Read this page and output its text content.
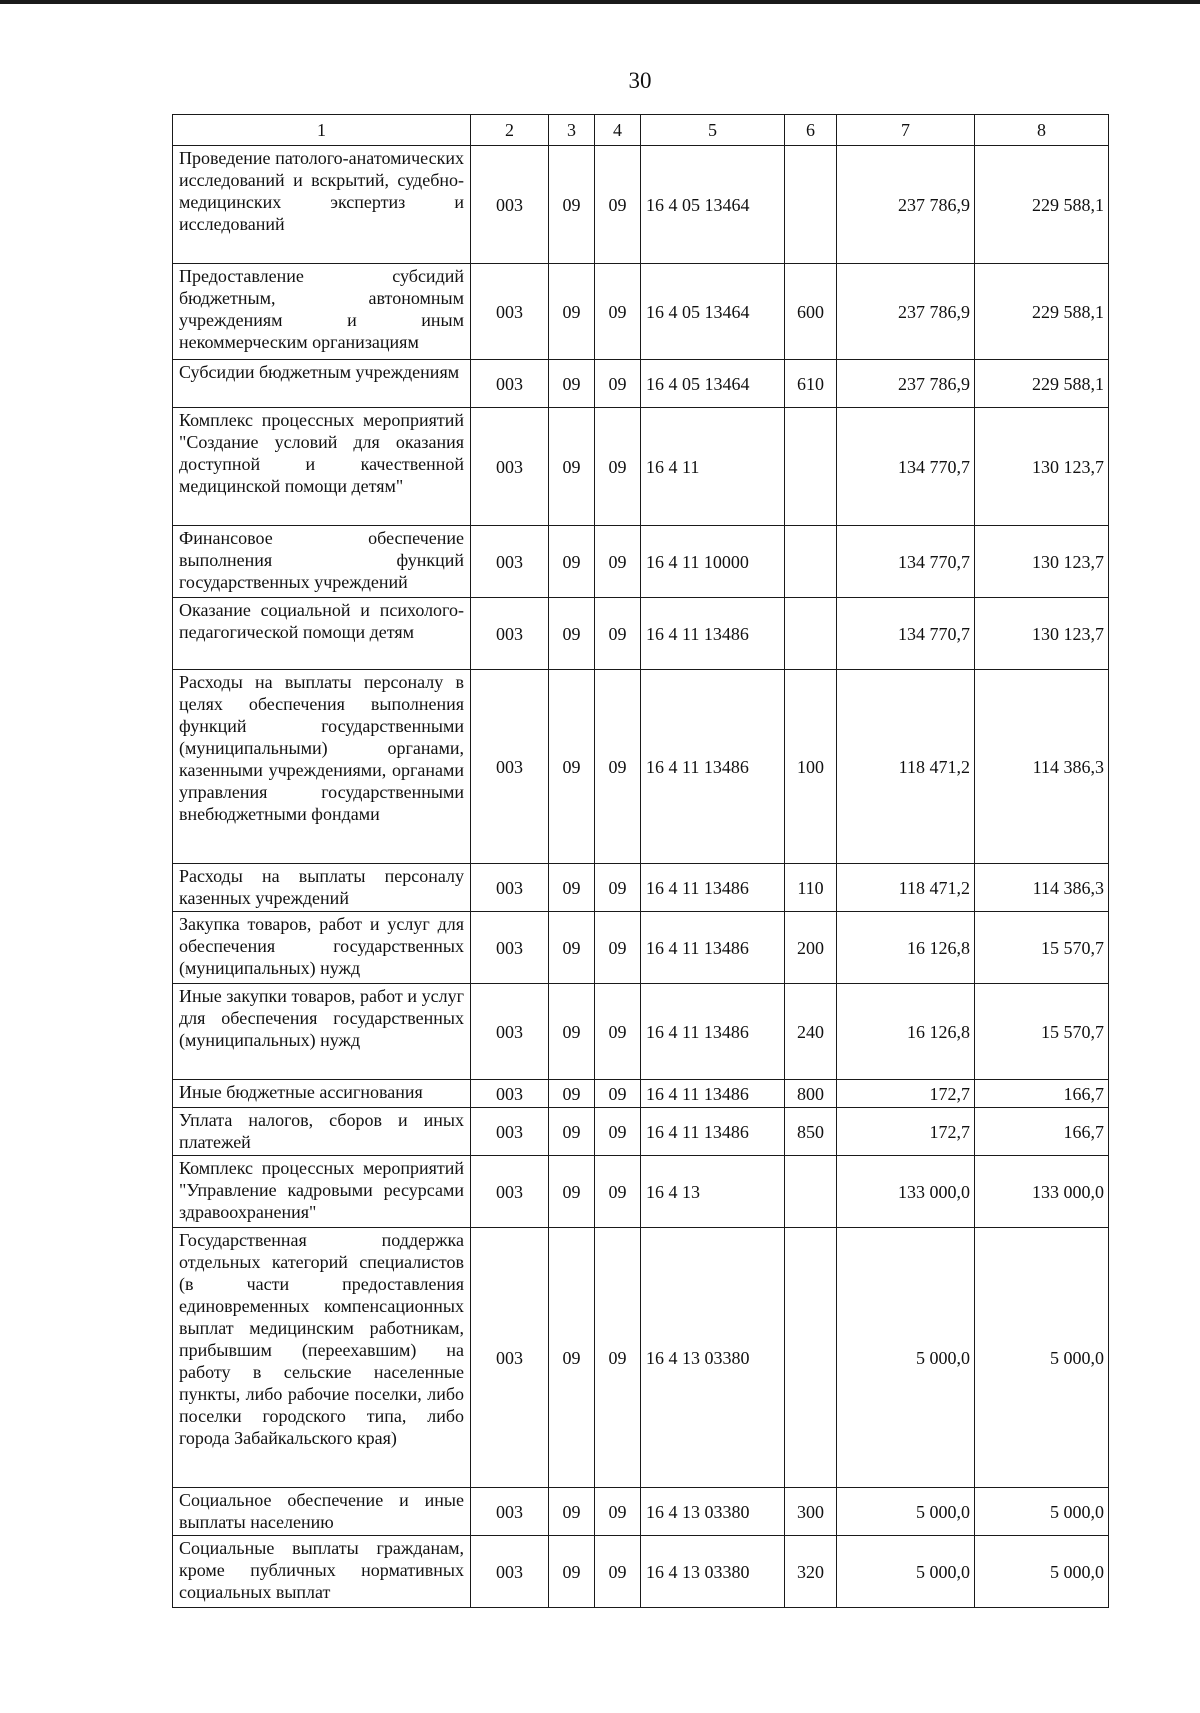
30
1	2	3	4	5	6	7	8
Проведение патолого-анатомических исследований и вскрытий, судебно-медицинских экспертиз и исследований	003	09	09	16 4 05 13464		237 786,9	229 588,1
Предоставление субсидий бюджетным, автономным учреждениям и иным некоммерческим организациям	003	09	09	16 4 05 13464	600	237 786,9	229 588,1
Субсидии бюджетным учреждениям	003	09	09	16 4 05 13464	610	237 786,9	229 588,1
Комплекс процессных мероприятий "Создание условий для оказания доступной и качественной медицинской помощи детям"	003	09	09	16 4 11		134 770,7	130 123,7
Финансовое обеспечение выполнения функций государственных учреждений	003	09	09	16 4 11 10000		134 770,7	130 123,7
Оказание социальной и психолого-педагогической помощи детям	003	09	09	16 4 11 13486		134 770,7	130 123,7
Расходы на выплаты персоналу в целях обеспечения выполнения функций государственными (муниципальными) органами, казенными учреждениями, органами управления государственными внебюджетными фондами	003	09	09	16 4 11 13486	100	118 471,2	114 386,3
Расходы на выплаты персоналу казенных учреждений	003	09	09	16 4 11 13486	110	118 471,2	114 386,3
Закупка товаров, работ и услуг для обеспечения государственных (муниципальных) нужд	003	09	09	16 4 11 13486	200	16 126,8	15 570,7
Иные закупки товаров, работ и услуг для обеспечения государственных (муниципальных) нужд	003	09	09	16 4 11 13486	240	16 126,8	15 570,7
Иные бюджетные ассигнования	003	09	09	16 4 11 13486	800	172,7	166,7
Уплата налогов, сборов и иных платежей	003	09	09	16 4 11 13486	850	172,7	166,7
Комплекс процессных мероприятий "Управление кадровыми ресурсами здравоохранения"	003	09	09	16 4 13		133 000,0	133 000,0
Государственная поддержка отдельных категорий специалистов (в части предоставления единовременных компенсационных выплат медицинским работникам, прибывшим (переехавшим) на работу в сельские населенные пункты, либо рабочие поселки, либо поселки городского типа, либо города Забайкальского края)	003	09	09	16 4 13 03380		5 000,0	5 000,0
Социальное обеспечение и иные выплаты населению	003	09	09	16 4 13 03380	300	5 000,0	5 000,0
Социальные выплаты гражданам, кроме публичных нормативных социальных выплат	003	09	09	16 4 13 03380	320	5 000,0	5 000,0
